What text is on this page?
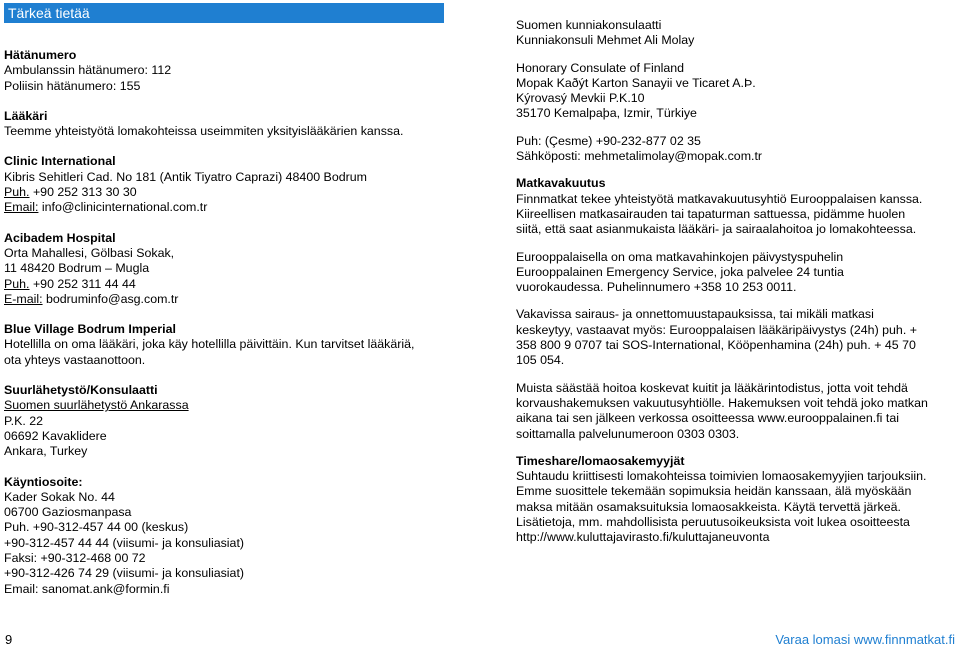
Tärkeä tietää

Hätänumero

Ambulanssin hätänumero: 112

Poliisin hätänumero: 155

Lääkäri

Teemme yhteistyötä lomakohteissa useimmiten yksityislääkärien kanssa.

Clinic International

Kibris Sehitleri Cad. No 181 (Antik Tiyatro Caprazi) 48400 Bodrum

Puh. +90 252 313 30 30

Email: info@clinicinternational.com.tr

Acibadem Hospital

Orta Mahallesi, Gölbasi Sokak,

11 48420 Bodrum – Mugla

Puh. +90 252 311 44 44

E-mail: bodruminfo@asg.com.tr

Blue Village Bodrum Imperial

Hotellilla on oma lääkäri, joka käy hotellilla päivittäin. Kun tarvitset lääkäriä,

ota yhteys vastaanottoon.

Suurlähetystö/Konsulaatti

Suomen suurlähetystö Ankarassa

P.K. 22

06692 Kavaklidere

Ankara, Turkey

Käyntiosoite:

Kader Sokak No. 44

06700 Gaziosmanpasa

Puh. +90-312-457 44 00 (keskus)

+90-312-457 44 44 (viisumi- ja konsuliasiat)

Faksi: +90-312-468 00 72

+90-312-426 74 29 (viisumi- ja konsuliasiat)

Email: sanomat.ank@formin.fi

Suomen kunniakonsulaatti

Kunniakonsuli Mehmet Ali Molay

Honorary Consulate of Finland

Mopak Kaðýt Karton Sanayii ve Ticaret A.Þ.

Kýrovasý Mevkii P.K.10

35170 Kemalpaþa, Izmir, Türkiye

Puh: (Çesme) +90-232-877 02 35

Sähköposti: mehmetalimolay@mopak.com.tr

Matkavakuutus

Finnmatkat tekee yhteistyötä matkavakuutusyhtiö Eurooppalaisen kanssa.

Kiireellisen matkasairauden tai tapaturman sattuessa, pidämme huolen

siitä, että saat asianmukaista lääkäri- ja sairaalahoitoa jo lomakohteessa.

Eurooppalaisella on oma matkavahinkojen päivystyspuhelin

Eurooppalainen Emergency Service, joka palvelee 24 tuntia

vuorokaudessa. Puhelinnumero +358 10 253 0011.

Vakavissa sairaus- ja onnettomuustapauksissa, tai mikäli matkasi

keskeytyy, vastaavat myös: Eurooppalaisen lääkäripäivystys (24h) puh. +

358 800 9 0707 tai SOS-International, Kööpenhamina (24h) puh. + 45 70

105 054.

Muista säästää hoitoa koskevat kuitit ja lääkärintodistus, jotta voit tehdä

korvaushakemuksen vakuutusyhtiölle. Hakemuksen voit tehdä joko matkan

aikana tai sen jälkeen verkossa osoitteessa www.eurooppalainen.fi tai

soittamalla palvelunumeroon 0303 0303.

Timeshare/lomaosakemyyjät

Suhtaudu kriittisesti lomakohteissa toimivien lomaosakemyyjien tarjouksiin.

Emme suosittele tekemään sopimuksia heidän kanssaan, älä myöskään

maksa mitään osamaksuituksia lomaosakkeista. Käytä tervettä järkeä.

Lisätietoja, mm. mahdollisista peruutusoikeuksista voit lukea osoitteesta

http://www.kuluttajavirasto.fi/kuluttajaneuvonta

9	Varaa lomasi www.finnmatkat.fi
